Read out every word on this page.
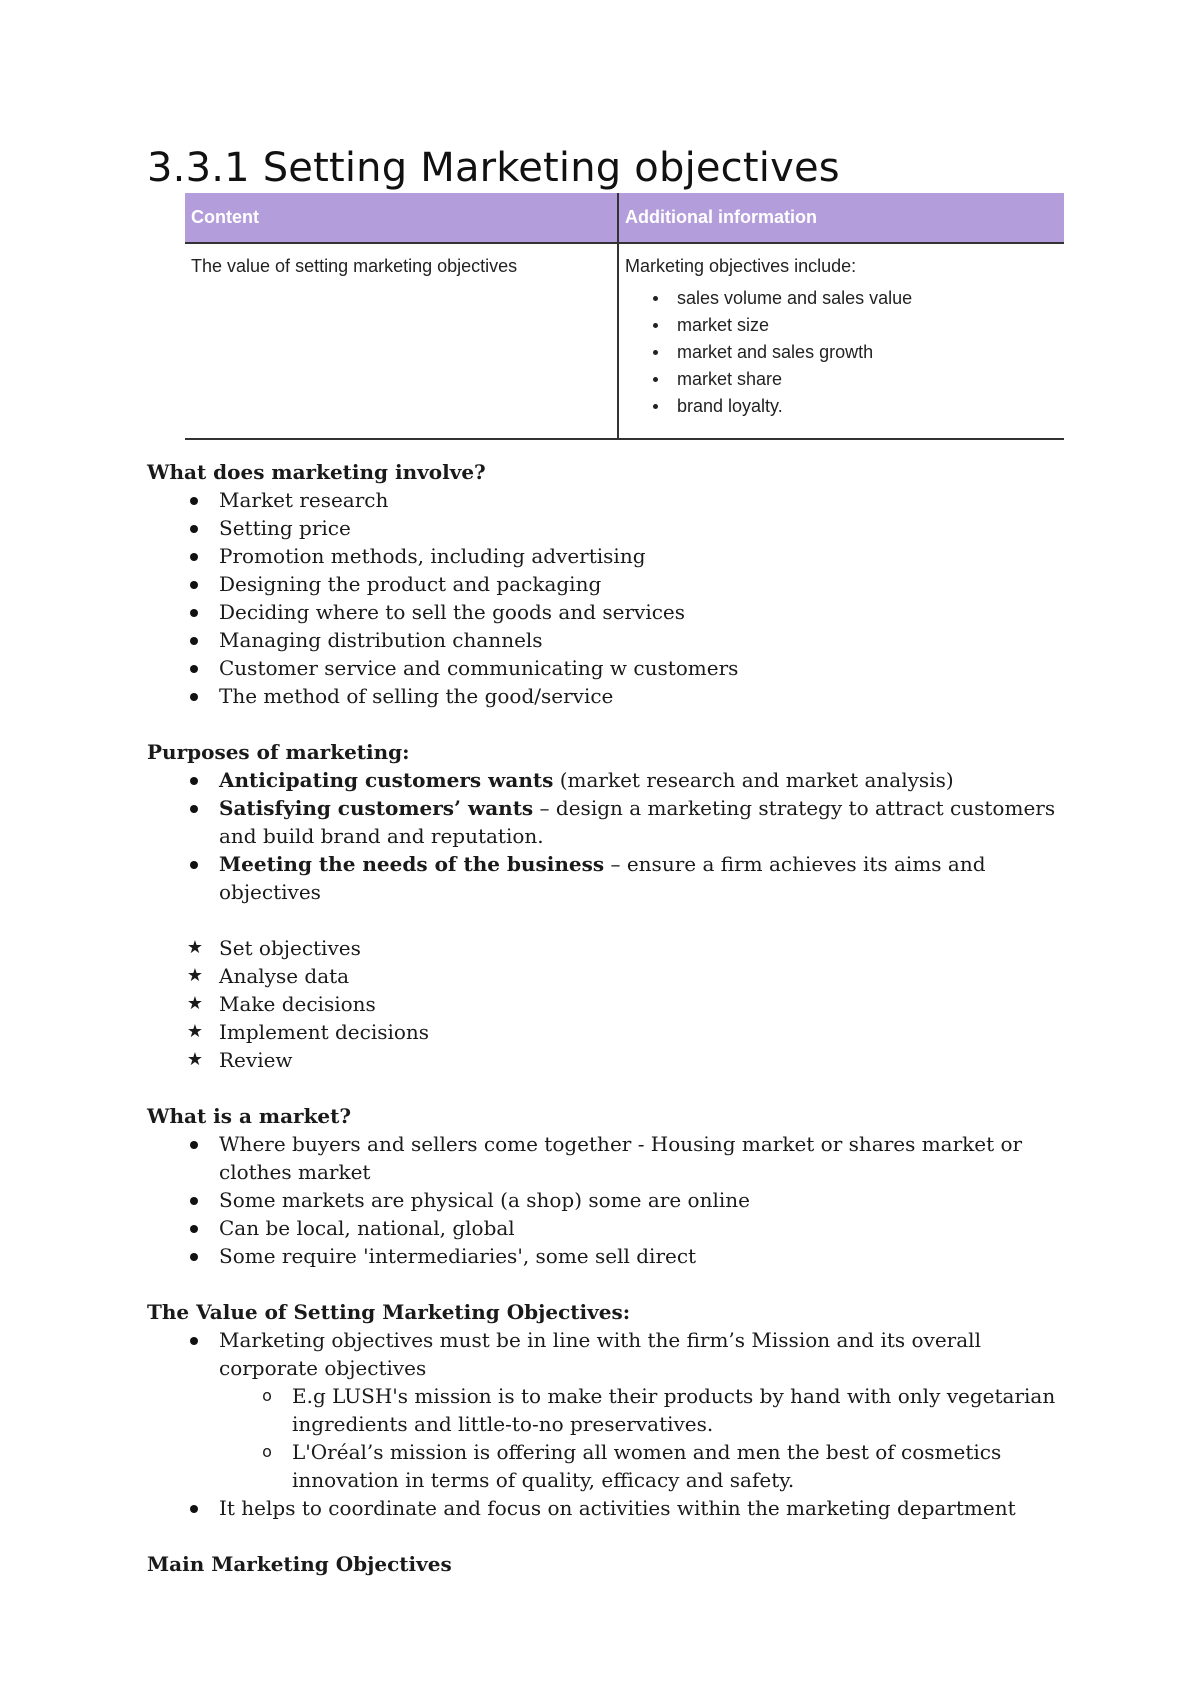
3.3.1 Setting Marketing objectives
Content	Additional information
The value of setting marketing objectives	Marketing objectives include:
sales volume and sales value
market size
market and sales growth
market share
brand loyalty.

What does marketing involve?

Market research
Setting price
Promotion methods, including advertising
Designing the product and packaging
Deciding where to sell the goods and services
Managing distribution channels
Customer service and communicating w customers
The method of selling the good/service

Purposes of marketing:

Anticipating customers wants (market research and market analysis)
Satisfying customers’ wants – design a marketing strategy to attract customers and build brand and reputation.
Meeting the needs of the business – ensure a firm achieves its aims and objectives
★ Set objectives
★ Analyse data
★ Make decisions
★ Implement decisions
★ Review

What is a market?

Where buyers and sellers come together - Housing market or shares market or clothes market
Some markets are physical (a shop) some are online
Can be local, national, global
Some require 'intermediaries', some sell direct

The Value of Setting Marketing Objectives:

Marketing objectives must be in line with the firm’s Mission and its overall corporate objectives
o E.g LUSH's mission is to make their products by hand with only vegetarian ingredients and little-to-no preservatives.
o L'Oréal’s mission is offering all women and men the best of cosmetics innovation in terms of quality, efficacy and safety.
It helps to coordinate and focus on activities within the marketing department

Main Marketing Objectives
